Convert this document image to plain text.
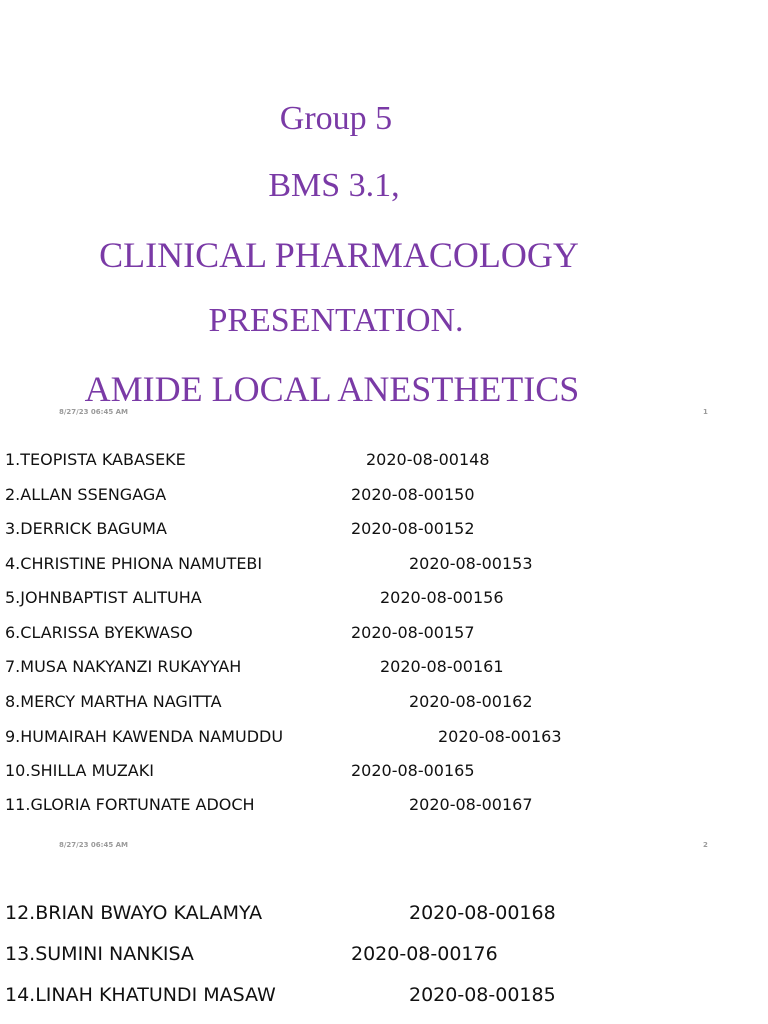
Group 5
BMS 3.1,
CLINICAL PHARMACOLOGY
PRESENTATION.
AMIDE LOCAL ANESTHETICS
8/27/23 06:45 AM	1
1.TEOPISTA KABASEKE	2020-08-00148
2.ALLAN SSENGAGA	2020-08-00150
3.DERRICK BAGUMA	2020-08-00152
4.CHRISTINE PHIONA NAMUTEBI	2020-08-00153
5.JOHNBAPTIST ALITUHA	2020-08-00156
6.CLARISSA BYEKWASO	2020-08-00157
7.MUSA NAKYANZI RUKAYYAH	2020-08-00161
8.MERCY MARTHA NAGITTA	2020-08-00162
9.HUMAIRAH KAWENDA NAMUDDU	2020-08-00163
10.SHILLA MUZAKI	2020-08-00165
11.GLORIA FORTUNATE ADOCH	2020-08-00167
8/27/23 06:45 AM	2
12.BRIAN BWAYO KALAMYA	2020-08-00168
13.SUMINI NANKISA	2020-08-00176
14.LINAH KHATUNDI MASAW	2020-08-00185
